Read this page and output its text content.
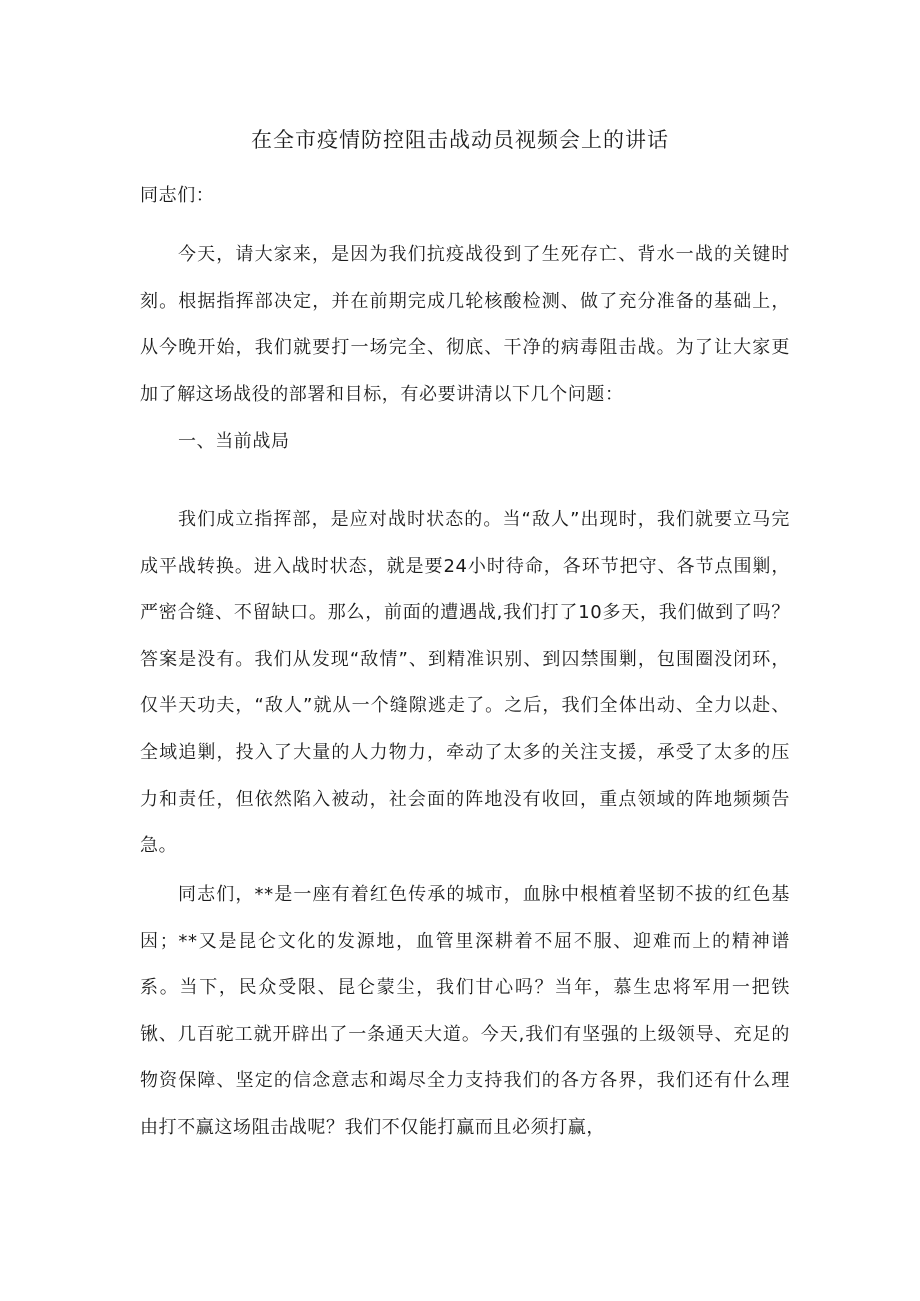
在全市疫情防控阻击战动员视频会上的讲话
同志们：
今天，请大家来，是因为我们抗疫战役到了生死存亡、背水一战的关键时刻。根据指挥部决定，并在前期完成几轮核酸检测、做了充分准备的基础上，从今晚开始，我们就要打一场完全、彻底、干净的病毒阻击战。为了让大家更加了解这场战役的部署和目标，有必要讲清以下几个问题：
一、当前战局
我们成立指挥部，是应对战时状态的。当“敌人”出现时，我们就要立马完成平战转换。进入战时状态，就是要24小时待命，各环节把守、各节点围剿，严密合缝、不留缺口。那么，前面的遭遇战,我们打了10多天，我们做到了吗？答案是没有。我们从发现“敌情”、到精准识别、到囚禁围剿，包围圈没闭环，仅半天功夫，“敌人”就从一个缝隙逃走了。之后，我们全体出动、全力以赴、全域追剿，投入了大量的人力物力，牵动了太多的关注支援，承受了太多的压力和责任，但依然陷入被动，社会面的阵地没有收回，重点领域的阵地频频告急。
同志们，**是一座有着红色传承的城市，血脉中根植着坚韧不拔的红色基因；**又是昆仑文化的发源地，血管里深耕着不屈不服、迎难而上的精神谱系。当下，民众受限、昆仑蒙尘，我们甘心吗？当年，慕生忠将军用一把铁锹、几百驼工就开辟出了一条通天大道。今天,我们有坚强的上级领导、充足的物资保障、坚定的信念意志和竭尽全力支持我们的各方各界，我们还有什么理由打不赢这场阻击战呢？我们不仅能打赢而且必须打赢，
